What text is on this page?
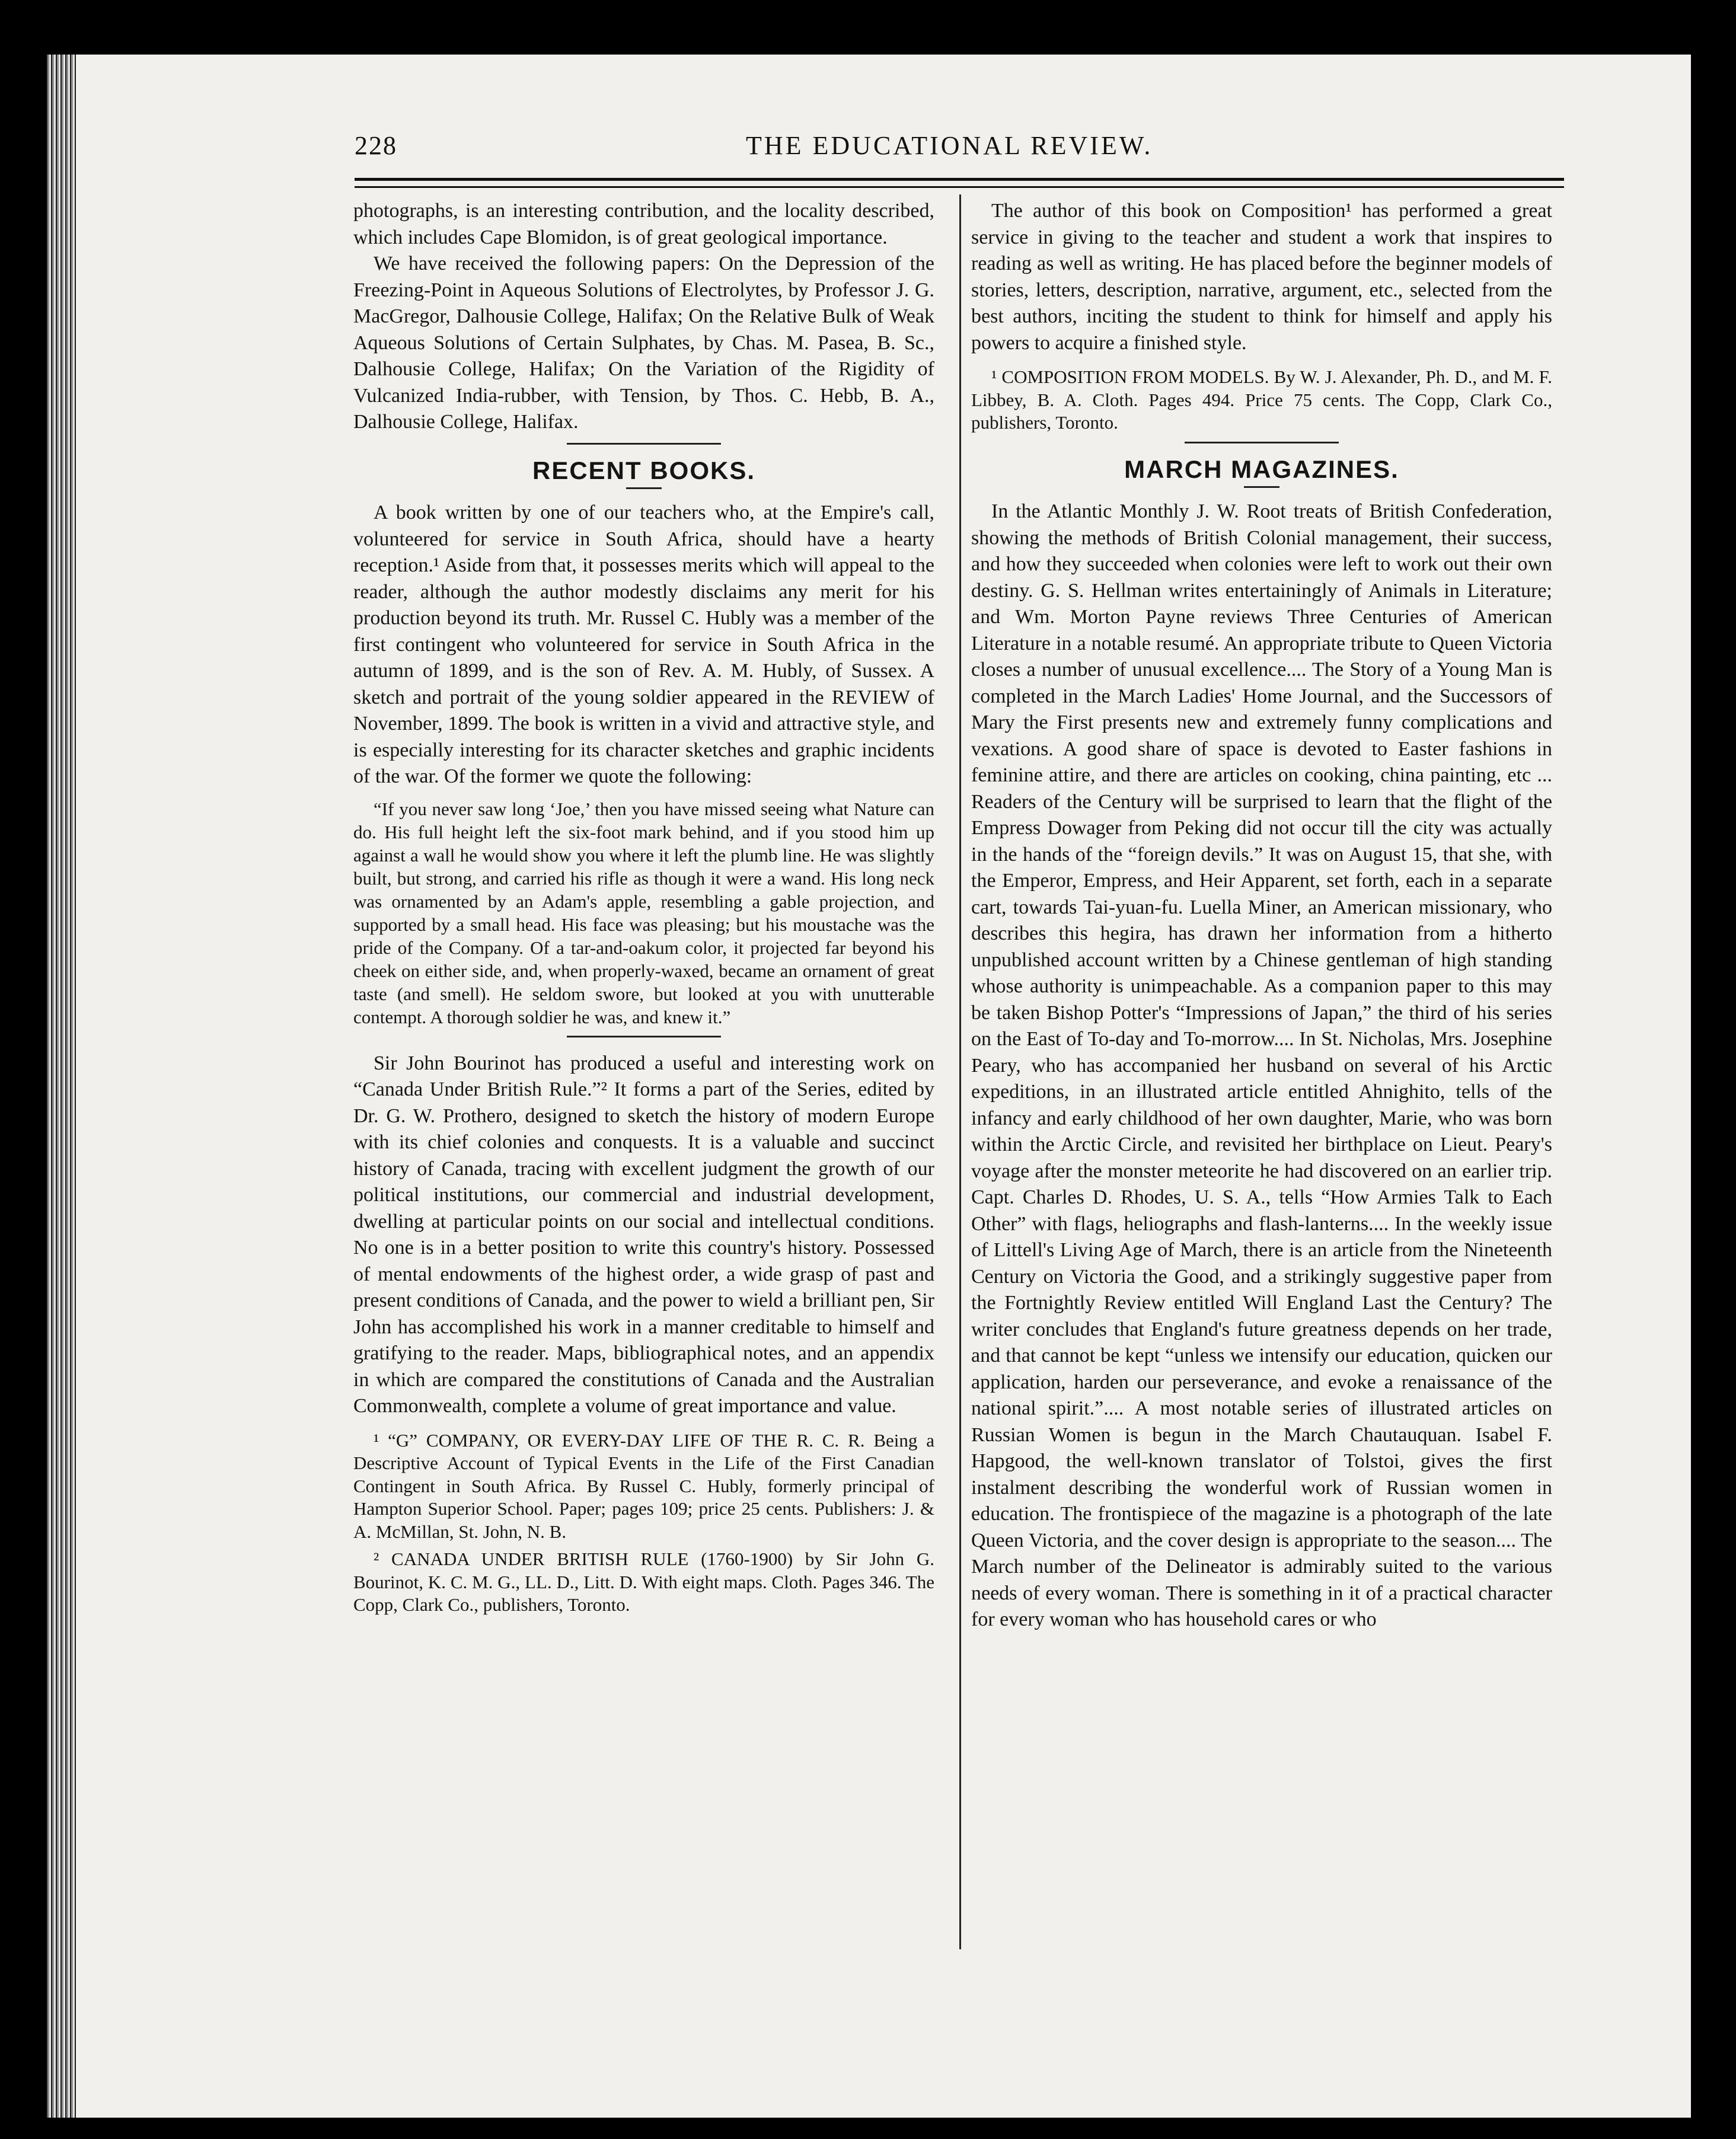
228	THE EDUCATIONAL REVIEW.

photographs, is an interesting contribution, and the locality described, which includes Cape Blomidon, is of great geological importance.

We have received the following papers: On the Depression of the Freezing-Point in Aqueous Solutions of Electrolytes, by Professor J. G. MacGregor, Dalhousie College, Halifax; On the Relative Bulk of Weak Aqueous Solutions of Certain Sulphates, by Chas. M. Pasea, B. Sc., Dalhousie College, Halifax; On the Variation of the Rigidity of Vulcanized India-rubber, with Tension, by Thos. C. Hebb, B. A., Dalhousie College, Halifax.

RECENT BOOKS.

A book written by one of our teachers who, at the Empire's call, volunteered for service in South Africa, should have a hearty reception.¹ Aside from that, it possesses merits which will appeal to the reader, although the author modestly disclaims any merit for his production beyond its truth. Mr. Russel C. Hubly was a member of the first contingent who volunteered for service in South Africa in the autumn of 1899, and is the son of Rev. A. M. Hubly, of Sussex. A sketch and portrait of the young soldier appeared in the REVIEW of November, 1899. The book is written in a vivid and attractive style, and is especially interesting for its character sketches and graphic incidents of the war. Of the former we quote the following:

“If you never saw long ‘Joe,’ then you have missed seeing what Nature can do. His full height left the six-foot mark behind, and if you stood him up against a wall he would show you where it left the plumb line. He was slightly built, but strong, and carried his rifle as though it were a wand. His long neck was ornamented by an Adam's apple, resembling a gable projection, and supported by a small head. His face was pleasing; but his moustache was the pride of the Company. Of a tar-and-oakum color, it projected far beyond his cheek on either side, and, when properly-waxed, became an ornament of great taste (and smell). He seldom swore, but looked at you with unutterable contempt. A thorough soldier he was, and knew it.”

Sir John Bourinot has produced a useful and interesting work on “Canada Under British Rule.”² It forms a part of the Series, edited by Dr. G. W. Prothero, designed to sketch the history of modern Europe with its chief colonies and conquests. It is a valuable and succinct history of Canada, tracing with excellent judgment the growth of our political institutions, our commercial and industrial development, dwelling at particular points on our social and intellectual conditions. No one is in a better position to write this country's history. Possessed of mental endowments of the highest order, a wide grasp of past and present conditions of Canada, and the power to wield a brilliant pen, Sir John has accomplished his work in a manner creditable to himself and gratifying to the reader. Maps, bibliographical notes, and an appendix in which are compared the constitutions of Canada and the Australian Commonwealth, complete a volume of great importance and value.

¹ “G” COMPANY, OR EVERY-DAY LIFE OF THE R. C. R. Being a Descriptive Account of Typical Events in the Life of the First Canadian Contingent in South Africa. By Russel C. Hubly, formerly principal of Hampton Superior School. Paper; pages 109; price 25 cents. Publishers: J. & A. McMillan, St. John, N. B.

² CANADA UNDER BRITISH RULE (1760-1900) by Sir John G. Bourinot, K. C. M. G., LL. D., Litt. D. With eight maps. Cloth. Pages 346. The Copp, Clark Co., publishers, Toronto.

The author of this book on Composition¹ has performed a great service in giving to the teacher and student a work that inspires to reading as well as writing. He has placed before the beginner models of stories, letters, description, narrative, argument, etc., selected from the best authors, inciting the student to think for himself and apply his powers to acquire a finished style.

¹ COMPOSITION FROM MODELS. By W. J. Alexander, Ph. D., and M. F. Libbey, B. A. Cloth. Pages 494. Price 75 cents. The Copp, Clark Co., publishers, Toronto.

MARCH MAGAZINES.

In the Atlantic Monthly J. W. Root treats of British Confederation, showing the methods of British Colonial management, their success, and how they succeeded when colonies were left to work out their own destiny. G. S. Hellman writes entertainingly of Animals in Literature; and Wm. Morton Payne reviews Three Centuries of American Literature in a notable resumé. An appropriate tribute to Queen Victoria closes a number of unusual excellence.... The Story of a Young Man is completed in the March Ladies' Home Journal, and the Successors of Mary the First presents new and extremely funny complications and vexations. A good share of space is devoted to Easter fashions in feminine attire, and there are articles on cooking, china painting, etc ... Readers of the Century will be surprised to learn that the flight of the Empress Dowager from Peking did not occur till the city was actually in the hands of the “foreign devils.” It was on August 15, that she, with the Emperor, Empress, and Heir Apparent, set forth, each in a separate cart, towards Tai-yuan-fu. Luella Miner, an American missionary, who describes this hegira, has drawn her information from a hitherto unpublished account written by a Chinese gentleman of high standing whose authority is unimpeachable. As a companion paper to this may be taken Bishop Potter's “Impressions of Japan,” the third of his series on the East of To-day and To-morrow.... In St. Nicholas, Mrs. Josephine Peary, who has accompanied her husband on several of his Arctic expeditions, in an illustrated article entitled Ahnighito, tells of the infancy and early childhood of her own daughter, Marie, who was born within the Arctic Circle, and revisited her birthplace on Lieut. Peary's voyage after the monster meteorite he had discovered on an earlier trip. Capt. Charles D. Rhodes, U. S. A., tells “How Armies Talk to Each Other” with flags, heliographs and flash-lanterns.... In the weekly issue of Littell's Living Age of March, there is an article from the Nineteenth Century on Victoria the Good, and a strikingly suggestive paper from the Fortnightly Review entitled Will England Last the Century? The writer concludes that England's future greatness depends on her trade, and that cannot be kept “unless we intensify our education, quicken our application, harden our perseverance, and evoke a renaissance of the national spirit.”.... A most notable series of illustrated articles on Russian Women is begun in the March Chautauquan. Isabel F. Hapgood, the well-known translator of Tolstoi, gives the first instalment describing the wonderful work of Russian women in education. The frontispiece of the magazine is a photograph of the late Queen Victoria, and the cover design is appropriate to the season.... The March number of the Delineator is admirably suited to the various needs of every woman. There is something in it of a practical character for every woman who has household cares or who
